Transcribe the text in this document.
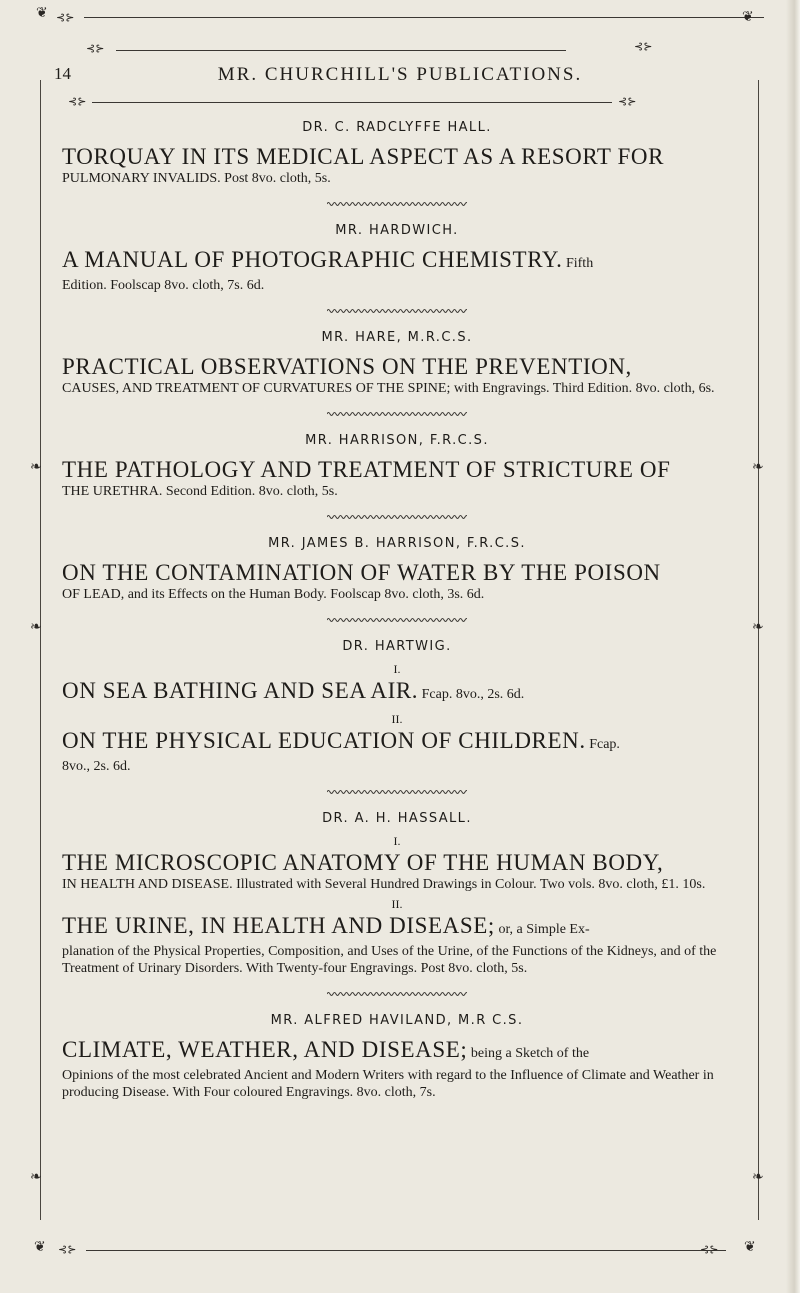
❦ ⊰⊱
⊰⊱	⊰⊱
❦
⊰⊱	⊰⊱
❧	❧
❧	❧
❧	❧
14	MR. CHURCHILL'S PUBLICATIONS.
DR. C. RADCLYFFE HALL.

TORQUAY IN ITS MEDICAL ASPECT AS A RESORT FOR

PULMONARY INVALIDS. Post 8vo. cloth, 5s.

MR. HARDWICH.

A MANUAL OF PHOTOGRAPHIC CHEMISTRY. Fifth

Edition. Foolscap 8vo. cloth, 7s. 6d.

MR. HARE, M.R.C.S.

PRACTICAL OBSERVATIONS ON THE PREVENTION,

CAUSES, AND TREATMENT OF CURVATURES OF THE SPINE; with Engravings. Third Edition. 8vo. cloth, 6s.

MR. HARRISON, F.R.C.S.

THE PATHOLOGY AND TREATMENT OF STRICTURE OF

THE URETHRA. Second Edition. 8vo. cloth, 5s.

MR. JAMES B. HARRISON, F.R.C.S.

ON THE CONTAMINATION OF WATER BY THE POISON

OF LEAD, and its Effects on the Human Body. Foolscap 8vo. cloth, 3s. 6d.

DR. HARTWIG.
I.

ON SEA BATHING AND SEA AIR. Fcap. 8vo., 2s. 6d.

II.

ON THE PHYSICAL EDUCATION OF CHILDREN. Fcap.

8vo., 2s. 6d.

DR. A. H. HASSALL.
I.

THE MICROSCOPIC ANATOMY OF THE HUMAN BODY,

IN HEALTH AND DISEASE. Illustrated with Several Hundred Drawings in Colour. Two vols. 8vo. cloth, £1. 10s.

II.

THE URINE, IN HEALTH AND DISEASE; or, a Simple Ex-

planation of the Physical Properties, Composition, and Uses of the Urine, of the Functions of the Kidneys, and of the Treatment of Urinary Disorders. With Twenty-four Engravings. Post 8vo. cloth, 5s.

MR. ALFRED HAVILAND, M.R C.S.

CLIMATE, WEATHER, AND DISEASE; being a Sketch of the

Opinions of the most celebrated Ancient and Modern Writers with regard to the Influence of Climate and Weather in producing Disease. With Four coloured Engravings. 8vo. cloth, 7s.

❦ ⊰⊱	⊰⊱ ❦
